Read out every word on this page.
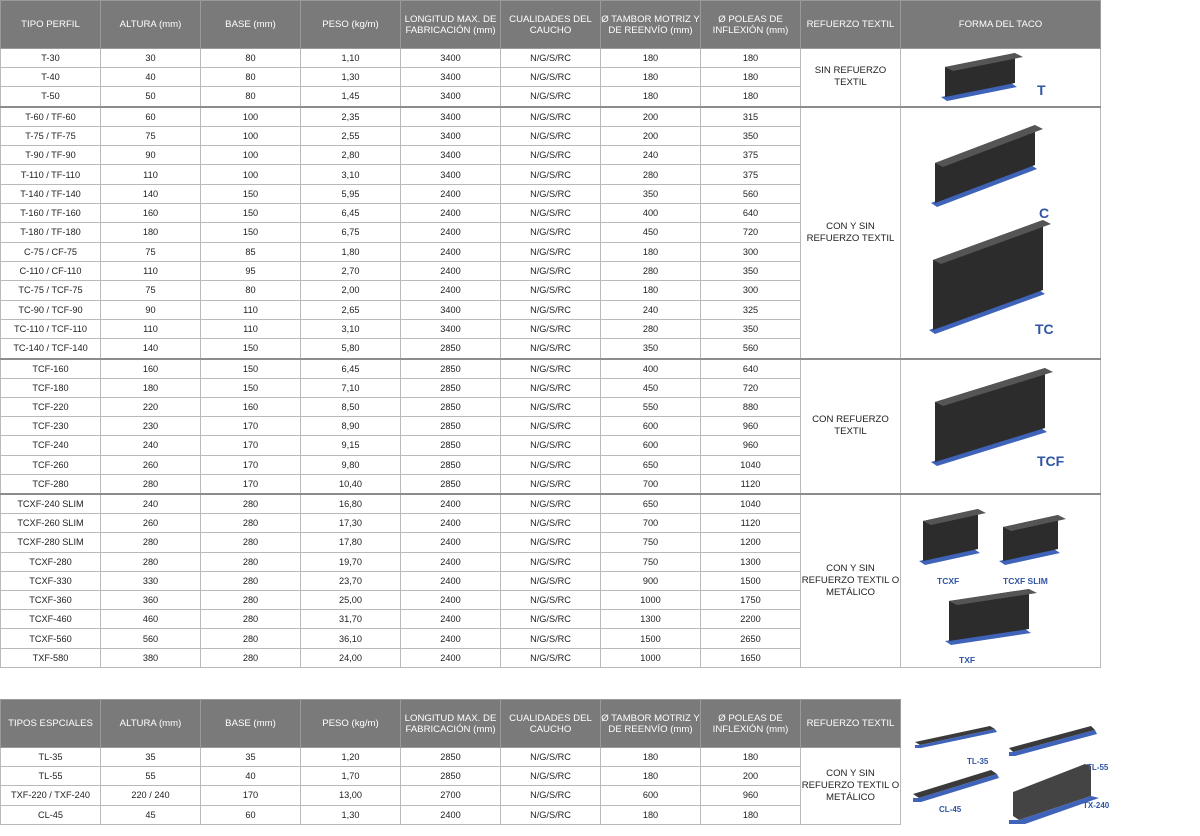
TIPO PERFIL	ALTURA (mm)	BASE (mm)	PESO (kg/m)	LONGITUD MAX. DE FABRICACIÓN (mm)	CUALIDADES DEL CAUCHO	Ø TAMBOR MOTRIZ Y DE REENVÍO (mm)	Ø POLEAS DE INFLEXIÓN (mm)	REFUERZO TEXTIL	FORMA DEL TACO
T-30	30	80	1,10	3400	N/G/S/RC	180	180	SIN REFUERZO TEXTIL	T

T-40	40	80	1,30	3400	N/G/S/RC	180	180		
T-50	50	80	1,45	3400	N/G/S/RC	180	180		
T-60 / TF-60	60	100	2,35	3400	N/G/S/RC	200	315	CON Y SIN REFUERZO TEXTIL	C
TC

T-75 / TF-75	75	100	2,55	3400	N/G/S/RC	200	350		
T-90 / TF-90	90	100	2,80	3400	N/G/S/RC	240	375		
T-110 / TF-110	110	100	3,10	3400	N/G/S/RC	280	375		
T-140 / TF-140	140	150	5,95	2400	N/G/S/RC	350	560		
T-160 / TF-160	160	150	6,45	2400	N/G/S/RC	400	640		
T-180 / TF-180	180	150	6,75	2400	N/G/S/RC	450	720		
C-75 / CF-75	75	85	1,80	2400	N/G/S/RC	180	300		
C-110 / CF-110	110	95	2,70	2400	N/G/S/RC	280	350		
TC-75 / TCF-75	75	80	2,00	2400	N/G/S/RC	180	300		
TC-90 / TCF-90	90	110	2,65	3400	N/G/S/RC	240	325		
TC-110 / TCF-110	110	110	3,10	3400	N/G/S/RC	280	350		
TC-140 / TCF-140	140	150	5,80	2850	N/G/S/RC	350	560		
TCF-160	160	150	6,45	2850	N/G/S/RC	400	640	CON REFUERZO TEXTIL	TCF

TCF-180	180	150	7,10	2850	N/G/S/RC	450	720		
TCF-220	220	160	8,50	2850	N/G/S/RC	550	880		
TCF-230	230	170	8,90	2850	N/G/S/RC	600	960		
TCF-240	240	170	9,15	2850	N/G/S/RC	600	960		
TCF-260	260	170	9,80	2850	N/G/S/RC	650	1040		
TCF-280	280	170	10,40	2850	N/G/S/RC	700	1120		
TCXF-240 SLIM	240	280	16,80	2400	N/G/S/RC	650	1040	CON Y SIN REFUERZO TEXTIL O METÁLICO	TCXF TCXF SLIM
TXF

TCXF-260 SLIM	260	280	17,30	2400	N/G/S/RC	700	1120		
TCXF-280 SLIM	280	280	17,80	2400	N/G/S/RC	750	1200		
TCXF-280	280	280	19,70	2400	N/G/S/RC	750	1300		
TCXF-330	330	280	23,70	2400	N/G/S/RC	900	1500		
TCXF-360	360	280	25,00	2400	N/G/S/RC	1000	1750		
TCXF-460	460	280	31,70	2400	N/G/S/RC	1300	2200		
TCXF-560	560	280	36,10	2400	N/G/S/RC	1500	2650		
TXF-580	380	280	24,00	2400	N/G/S/RC	1000	1650		
TIPOS ESPCIALES	ALTURA (mm)	BASE (mm)	PESO (kg/m)	LONGITUD MAX. DE FABRICACIÓN (mm)	CUALIDADES DEL CAUCHO	Ø TAMBOR MOTRIZ Y DE REENVÍO (mm)	Ø POLEAS DE INFLEXIÓN (mm)	REFUERZO TEXTIL
TL-35	35	35	1,20	2850	N/G/S/RC	180	180	CON Y SIN REFUERZO TEXTIL O METÁLICO
TL-55	55	40	1,70	2850	N/G/S/RC	180	200	
TXF-220 / TXF-240	220 / 240	170	13,00	2700	N/G/S/RC	600	960	
CL-45	45	60	1,30	2400	N/G/S/RC	180	180	
TL-35
TL-55
CL-45	TX-240
